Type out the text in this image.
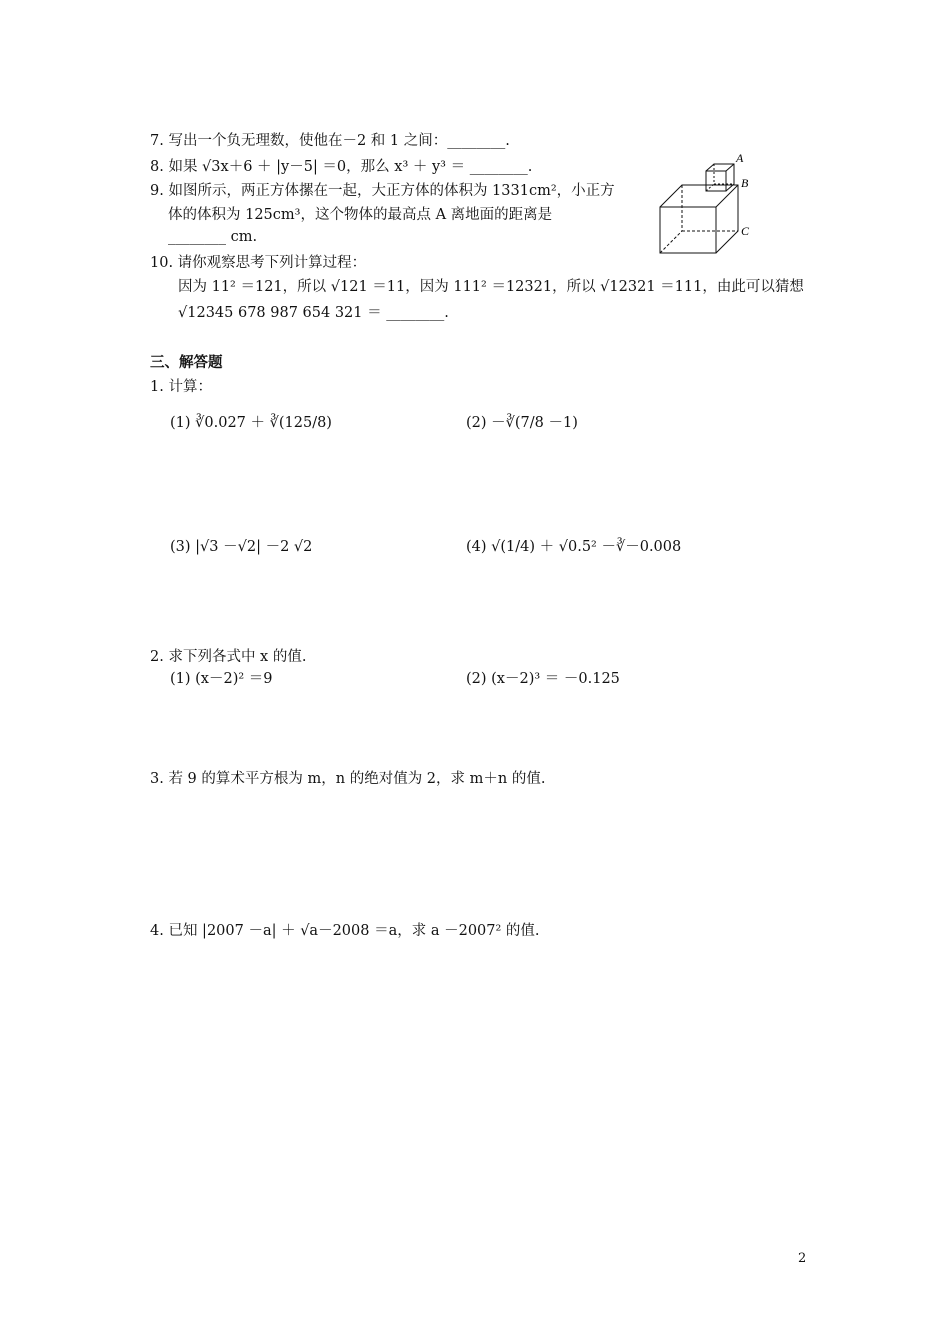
7. 写出一个负无理数，使他在－2 和 1 之间：________.
8. 如果 √3x＋6 ＋ |y－5| ＝0，那么 x³ ＋ y³ ＝ ________.
9. 如图所示，两正方体摞在一起，大正方体的体积为 1331cm²，小正方
体的体积为 125cm³，这个物体的最高点 A 离地面的距离是
________ cm.
A
B
C
10. 请你观察思考下列计算过程：
因为 11² ＝121，所以 √121 ＝11，因为 111² ＝12321，所以 √12321 ＝111，由此可以猜想
√12345 678 987 654 321 ＝ ________.
三、解答题
1. 计算：
(1) ∛0.027 ＋ ∛(125/8)	(2) －∛(7/8 －1)
(3) |√3 －√2| －2 √2	(4) √(1/4) ＋ √0.5² －∛－0.008
2. 求下列各式中 x 的值.
(1) (x－2)² ＝9	(2) (x－2)³ ＝ －0.125
3. 若 9 的算术平方根为 m，n 的绝对值为 2，求 m＋n 的值.
4. 已知 |2007 －a| ＋ √a－2008 ＝a，求 a －2007² 的值.
2
